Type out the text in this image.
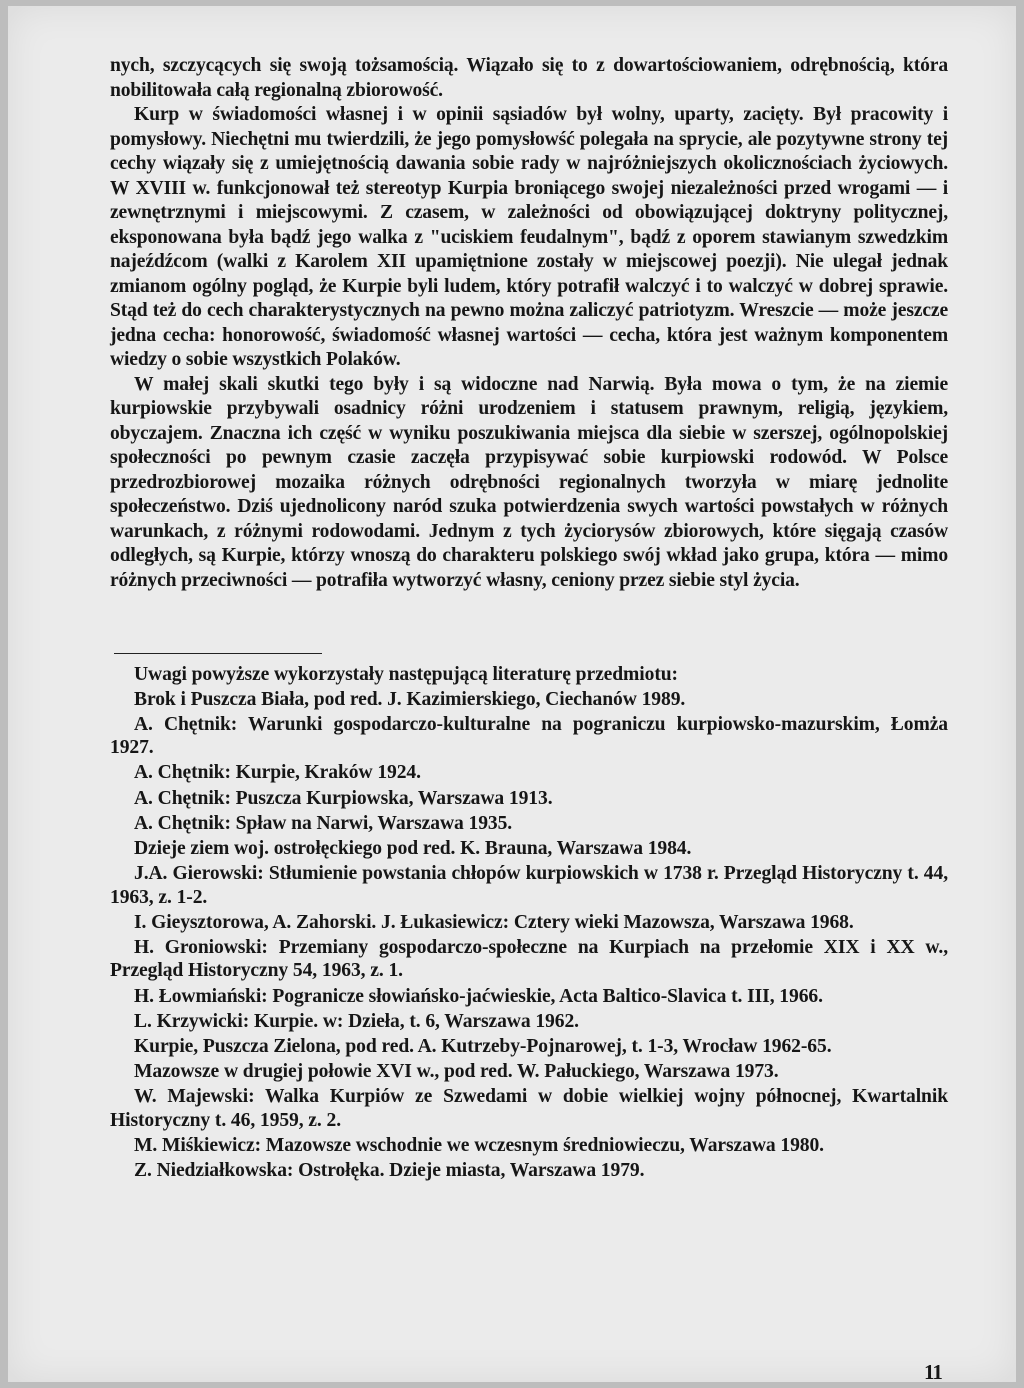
nych, szczycących się swoją tożsamością. Wiązało się to z dowartościowaniem, odrębnością, która nobilitowała całą regionalną zbiorowość.

Kurp w świadomości własnej i w opinii sąsiadów był wolny, uparty, zacięty. Był pracowity i pomysłowy. Niechętni mu twierdzili, że jego pomysłowść polegała na sprycie, ale pozytywne strony tej cechy wiązały się z umiejętnością dawania sobie rady w najróżniejszych okolicznościach życiowych. W XVIII w. funkcjonował też stereotyp Kurpia broniącego swojej niezależności przed wrogami — i zewnętrznymi i miejscowymi. Z czasem, w zależności od obowiązującej doktryny politycznej, eksponowana była bądź jego walka z "uciskiem feudalnym", bądź z oporem stawianym szwedzkim najeźdźcom (walki z Karolem XII upamiętnione zostały w miejscowej poezji). Nie ulegał jednak zmianom ogólny pogląd, że Kurpie byli ludem, który potrafił walczyć i to walczyć w dobrej sprawie. Stąd też do cech charakterystycznych na pewno można zaliczyć patriotyzm. Wreszcie — może jeszcze jedna cecha: honorowość, świadomość własnej wartości — cecha, która jest ważnym komponentem wiedzy o sobie wszystkich Polaków.

W małej skali skutki tego były i są widoczne nad Narwią. Była mowa o tym, że na ziemie kurpiowskie przybywali osadnicy różni urodzeniem i statusem prawnym, religią, językiem, obyczajem. Znaczna ich część w wyniku poszukiwania miejsca dla siebie w szerszej, ogólnopolskiej społeczności po pewnym czasie zaczęła przypisywać sobie kurpiowski rodowód. W Polsce przedrozbiorowej mozaika różnych odrębności regionalnych tworzyła w miarę jednolite społeczeństwo. Dziś ujednolicony naród szuka potwierdzenia swych wartości powstałych w różnych warunkach, z różnymi rodowodami. Jednym z tych życiorysów zbiorowych, które sięgają czasów odległych, są Kurpie, którzy wnoszą do charakteru polskiego swój wkład jako grupa, która — mimo różnych przeciwności — potrafiła wytworzyć własny, ceniony przez siebie styl życia.

Uwagi powyższe wykorzystały następującą literaturę przedmiotu:
Brok i Puszcza Biała, pod red. J. Kazimierskiego, Ciechanów 1989.
A. Chętnik: Warunki gospodarczo-kulturalne na pograniczu kurpiowsko-mazurskim, Łomża 1927.
A. Chętnik: Kurpie, Kraków 1924.
A. Chętnik: Puszcza Kurpiowska, Warszawa 1913.
A. Chętnik: Spław na Narwi, Warszawa 1935.
Dzieje ziem woj. ostrołęckiego pod red. K. Brauna, Warszawa 1984.
J.A. Gierowski: Stłumienie powstania chłopów kurpiowskich w 1738 r. Przegląd Historyczny t. 44, 1963, z. 1-2.
I. Gieysztorowa, A. Zahorski. J. Łukasiewicz: Cztery wieki Mazowsza, Warszawa 1968.
H. Groniowski: Przemiany gospodarczo-społeczne na Kurpiach na przełomie XIX i XX w., Przegląd Historyczny 54, 1963, z. 1.
H. Łowmiański: Pogranicze słowiańsko-jaćwieskie, Acta Baltico-Slavica t. III, 1966.
L. Krzywicki: Kurpie. w: Dzieła, t. 6, Warszawa 1962.
Kurpie, Puszcza Zielona, pod red. A. Kutrzeby-Pojnarowej, t. 1-3, Wrocław 1962-65.
Mazowsze w drugiej połowie XVI w., pod red. W. Pałuckiego, Warszawa 1973.
W. Majewski: Walka Kurpiów ze Szwedami w dobie wielkiej wojny północnej, Kwartalnik Historyczny t. 46, 1959, z. 2.
M. Miśkiewicz: Mazowsze wschodnie we wczesnym średniowieczu, Warszawa 1980.
Z. Niedziałkowska: Ostrołęka. Dzieje miasta, Warszawa 1979.
11
